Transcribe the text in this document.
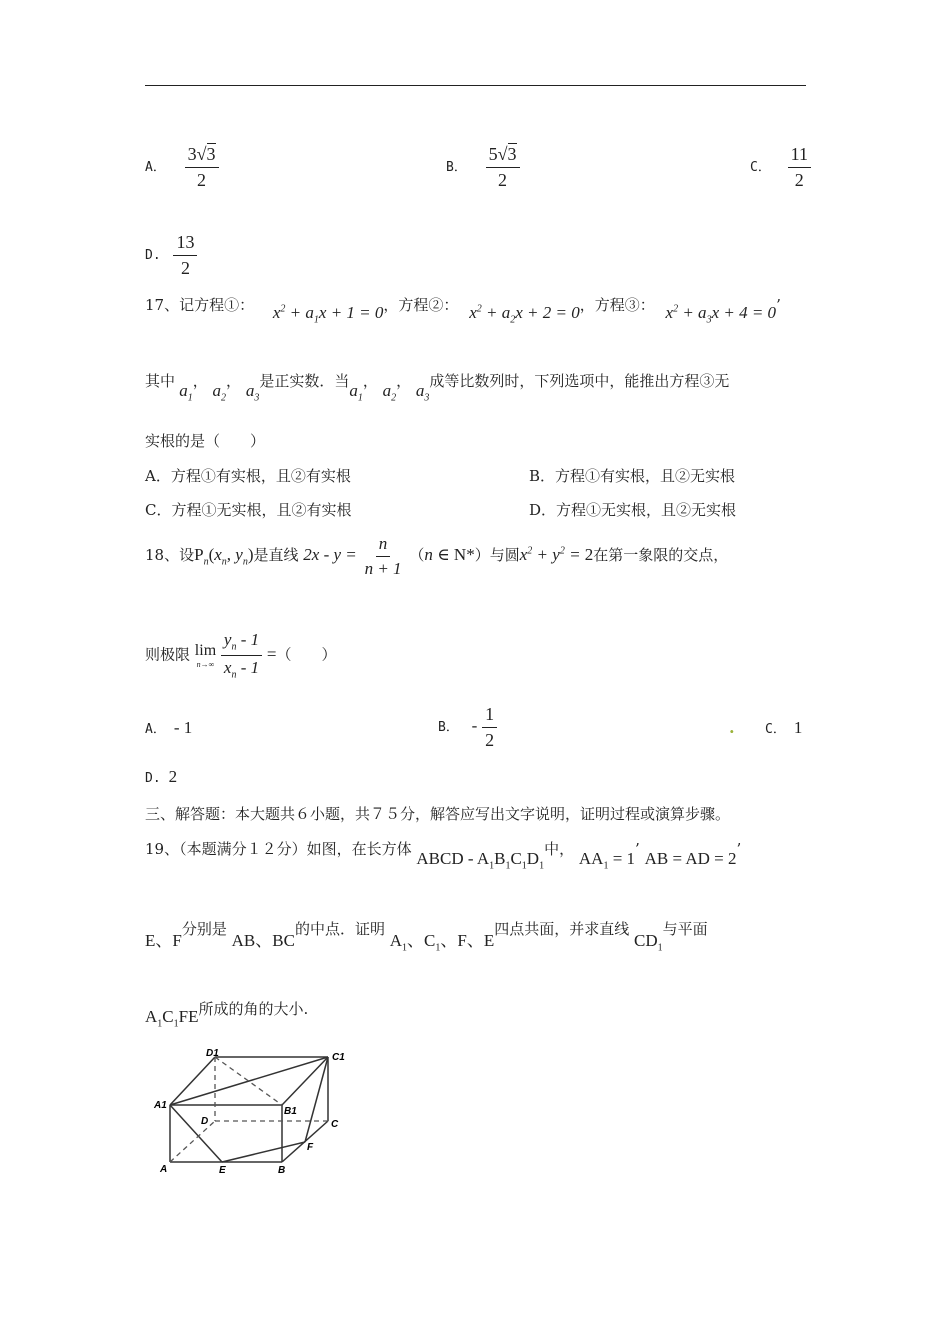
A． $\frac{3√3}{2}$	B． $\frac{5√3}{2}$	C． $\frac{11}{2}$
D. $\frac{13}{2}$
17、记方程①： $x^2 + a_1x + 1 = 0$，方程②： $x^2 + a_2x + 2 = 0$，方程③： $x^2 + a_3x + 4 = 0$’
其中 $a_1$， $a_2$， $a_3$是正实数．当$a_1$， $a_2$， $a_3$成等比数列时，下列选项中，能推出方程③无
实根的是（　　）
A．方程①有实根，且②有实根	B．方程①有实根，且②无实根
C．方程①无实根，且②有实根	D．方程①无实根，且②无实根
18、设$P_n(x_n$, $y_n$)是直线 $2x - y = \frac{n}{n + 1} (n$ ∈ N*）与圆$x^2 + y^2 = 2$在第一象限的交点，
则极限 lim
n→∞
$\frac{y_n - 1}{x_n - 1}$ =（　　）
A． - 1	B． - $\frac{1}{2}$	. C． 1
D. 2
三、解答题：本大题共６小题，共７５分，解答应写出文字说明，证明过程或演算步骤。
19、（本题满分１２分）如图，在长方体 ABCD - $A_1B_1C_1D_1$中， $AA_1 = 1$’ AB = AD = 2’
E、F分别是 AB、BC的中点．证明 $A_1$、$C_1$、F、E四点共面，并求直线 $CD_1$与平面
$A_1C_1FE$所成的角的大小.
D1	C1
A1
B1
D	C
A	E	B
F
